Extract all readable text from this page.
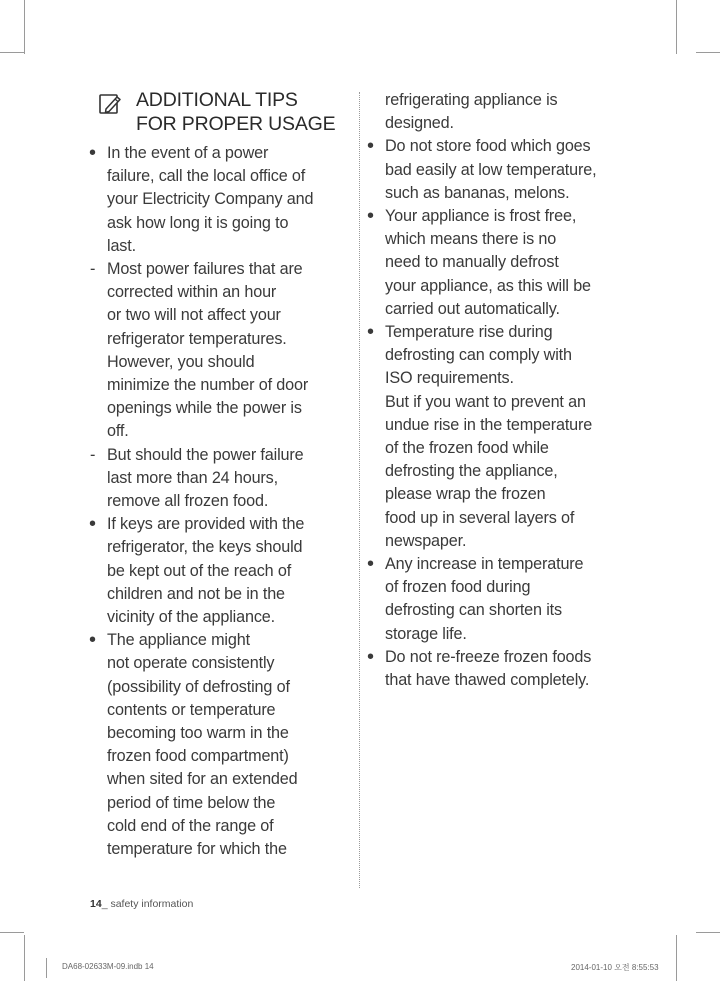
ADDITIONAL TIPS
FOR PROPER USAGE
• In the event of a power
failure, call the local office of
your Electricity Company and
ask how long it is going to
last.
- Most power failures that are
corrected within an hour
or two will not affect your
refrigerator temperatures.
However, you should
minimize the number of door
openings while the power is
off.
- But should the power failure
last more than 24 hours,
remove all frozen food.
• If keys are provided with the
refrigerator, the keys should
be kept out of the reach of
children and not be in the
vicinity of the appliance.
• The appliance might
not operate consistently
(possibility of defrosting of
contents or temperature
becoming too warm in the
frozen food compartment)
when sited for an extended
period of time below the
cold end of the range of
temperature for which the
refrigerating appliance is
designed.
• Do not store food which goes
bad easily at low temperature,
such as bananas, melons.
• Your appliance is frost free,
which means there is no
need to manually defrost
your appliance, as this will be
carried out automatically.
• Temperature rise during
defrosting can comply with
ISO requirements.
But if you want to prevent an
undue rise in the temperature
of the frozen food while
defrosting the appliance,
please wrap the frozen
food up in several layers of
newspaper.
• Any increase in temperature
of frozen food during
defrosting can shorten its
storage life.
• Do not re-freeze frozen foods
that have thawed completely.
14_ safety information
DA68-02633M-09.indb 14	2014-01-10 오전 8:55:53
